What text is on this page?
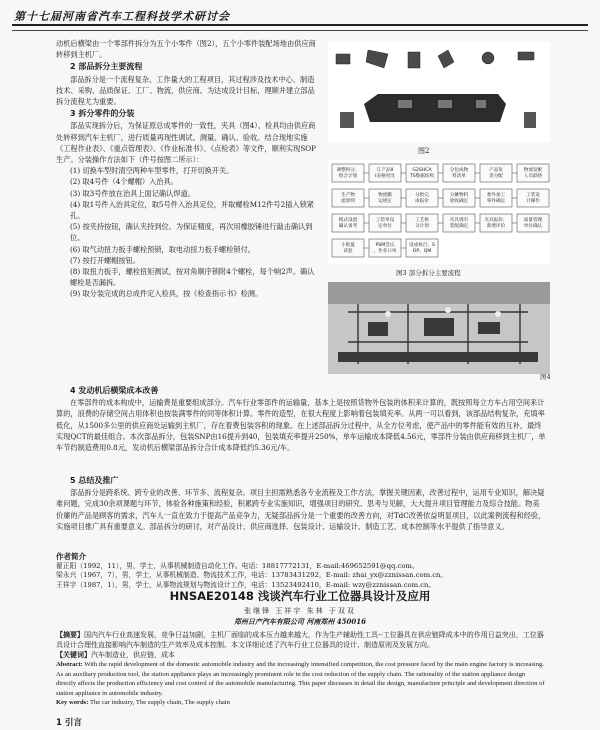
第十七届河南省汽车工程科技学术研讨会

动机后横梁由一个零部件拆分为五个小零件（图2），五个小零件装配场地由供应商转移到主机厂。

2 部品拆分主要流程

部品拆分是一个流程复杂、工作量大的工程项目，其过程涉及技术中心、制造技术、采购、品质保证、工厂、物流、供应商。为达成设计目标，理顺并建立部品拆分流程尤为重要。

3 拆分零件的分装

部品实现拆分后，为保证原总成零件的一致性，夹具（图4）、检具均由供应商处转移到汽车主机厂，进行质量再现性调试、测量、确认、验收。结合现地实施《工程作业表》、《重点管理表》、《作业标准书》、《点检表》等文件，顺利实现SOP生产。分装操作方法如下（件号按图二所示）：

(1) 切换车型时清空两种车型零件，打开切换开关。

(2) 取4号件（4个螺帽）入治具。

(3) 取3号件放在治具上面记确认焊道。

(4) 取1号件入治具定位，取5号件入治具定位，并取螺栓M12件号2插入锁紧孔。

(5) 按夹持按钮，确认夹持到位。为保证精度，再次用橡胶锤进行敲击确认到位。

(6) 取气动扭力扳手螺栓预锁，取电动扭力扳手螺栓锁付。

(7) 按打开螺帽按钮。

(8) 取扭力扳手，螺栓扭矩测试，按对角顺序锁附4个螺栓，每个响2声。确认螺栓是否漏拆。

(9) 取分装完成的总成件定入检具，按《检查指示书》检测。

图2
调整拆分，
组合计划
订产品II
I表格更改
G2SHCA
TS数据结构
分包成物
料清单
产品负
责分配
物流发配
人员联络
生产物
流原则
物流搬
运规定
分批完
成报价
分摊物料
验收确定
委外加工
零件确定
工装设
计操作
模式设置
确认备考
工装单设
定单位
工艺拆
分计划
夹具现有
装配确定
夹具报价、
新增评价
质量管理
单位确认
小批量
试验
PSM会议
、作业口单
设成执行、S
OP、QM
图3 部分拆分主要流程
图4
4 发动机后横梁成本改善

在零部件的成本构成中，运输费是重要组成部分。汽车行业零部件的运输量，基本上是按照货物外包装的体积来计算的，既按照每立方车占用空间来计算的，浪费的存储空间占用体积也按装满零件的同等体积计算。零件的造型，在很大程度上影响着包装填充率。从两一可以看到，该部品结构复杂，充填率低化，从1500多公里的供应商处运输到主机厂，存在着费包装容积的现象。在上述部品拆分过程中，从全方位考虑，使产品中的零件能有效的互补，最终实现QCT的最佳组合。本次部品拆分，包装SNP由16提升到40，包装填充率提升250%，单车运输成本降低4.56元，零部件分装由供应商移到主机厂，单车节约制造费用0.8元，发动机后横梁部品拆分合计成本降低约5.36元/车。

5 总结及推广

部品拆分是跨系统、跨专业的改善、环节多、流程复杂。项目主担需熟悉各专业流程及工作方法，掌握关键因素，改善过程中，运用专业知识，解决疑难问题，完成30余项课题与环节，体验各种施策和经验，积累跨专业实施知识，增强项目的研究、思考与见解，大大提升项目管理能力及综合技能。物美价廉的产品是顾客的需求，汽车人一直在致力于提高产品竞争力，无疑部品拆分是一个重要的改善方向，对TdC改善依益明显项目，以此案例流程和经验，实施项目推广具有重要意义。部品拆分的研讨，对产品设计、供应商选择、包装设计、运输设计、制造工艺、成本控制等水平提供了指导意义。

作者简介
翟正阳（1992，11），男，学士，从事机械制造自动化工作。电话：18817772131，E-mail:469652591@qq.com。
梁永兴（1967，7），男，学士，从事机械制造、物流技术工作，电话：13783431292，E-mail: zhai_yx@zznissan.com.cn。
王祥宇（1987，1），男，学士，从事物流规划与物流设计工作，电话：13523492410，E-mail: wzy@zznissan.com.cn。
HNSAE20148 浅谈汽车行业工位器具设计及应用
张继锋 王祥宇 朱林 于双双
郑州日产汽车有限公司 河南郑州 450016
【摘要】国内汽车行业高速发展，竞争日益加剧，主机厂面临的成本压力越来越大，作为生产辅助性工具--工位器具在供应链降成本中的作用日益突出，工位器具设计合理性直接影响汽车制造的生产效率及成本控制。本文详细论述了汽车行业工位器具的设计、制造原则及发展方向。
【关键词】汽车制造业，供应链，成本
Abstract: With the rapid development of the domestic automobile industry and the increasingly intensified competition, the cost pressure faced by the main engine factory is increasing. As an auxiliary production tool, the station appliance plays an increasingly prominent role in the cost reduction of the supply chain. The rationality of the station appliance design directly affects the production efficiency and cost control of the automobile manufacturing. This paper discusses in detail the design, manufacture principle and development direction of station appliance in automobile industry.
Key words: The car industry, The supply chain, The supply chain
1 引言
